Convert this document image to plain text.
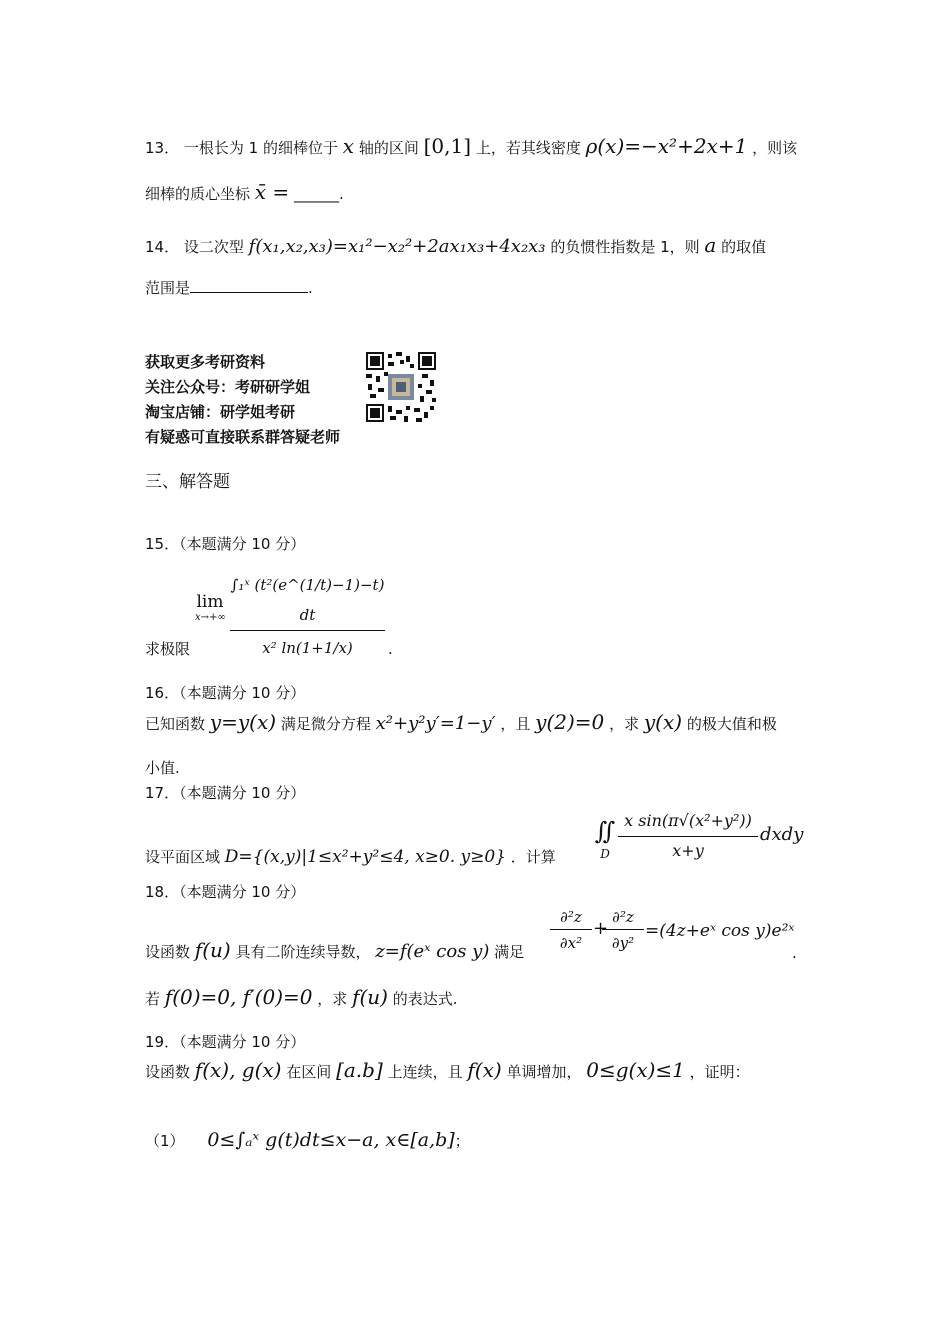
13． 一根长为 1 的细棒位于 x 轴的区间 [0,1] 上，若其线密度 ρ(x)=−x²+2x+1 ，则该
细棒的质心坐标 x̄ = ______.
14． 设二次型 f(x₁,x₂,x₃)=x₁²−x₂²+2ax₁x₃+4x₂x₃ 的负惯性指数是 1，则 a 的取值
范围是	.
获取更多考研资料
关注公众号：考研研学姐
淘宝店铺：研学姐考研
有疑惑可直接联系群答疑老师
三、解答题
15．（本题满分 10 分）
lim
$x\to+\infty \frac{\text{∫₁ˣ (t²(e\textasciicircum{}(1/t)−1)−t) dt}}{\text{x² ln(1+1/x)}}$
求极限	.
16．（本题满分 10 分）
已知函数 y=y(x) 满足微分方程 x²+y²y′=1−y′ ，且 y(2)=0 ，求 y(x) 的极大值和极
小值.
17．（本题满分 10 分）
设平面区域 D={(x,y)|1≤x²+y²≤4, x≥0. y≥0} ．计算
∬
D $\frac{\text{x sin(π√(x²+y²))}}{x+y}$ dxdy
18．（本题满分 10 分）
设函数 f(u) 具有二阶连续导数， z=f(eˣ cos y) 满足
∂²z
∂x²
+
∂²z
∂y²
=(4z+eˣ cos y)e²ˣ
.
若 f(0)=0, f′(0)=0 ，求 f(u) 的表达式.
19．（本题满分 10 分）
设函数 f(x), g(x) 在区间 [a.b] 上连续，且 f(x) 单调增加， 0≤g(x)≤1 ，证明：
（1） 0≤∫ₐˣ g(t)dt≤x−a, x∈[a,b]；
